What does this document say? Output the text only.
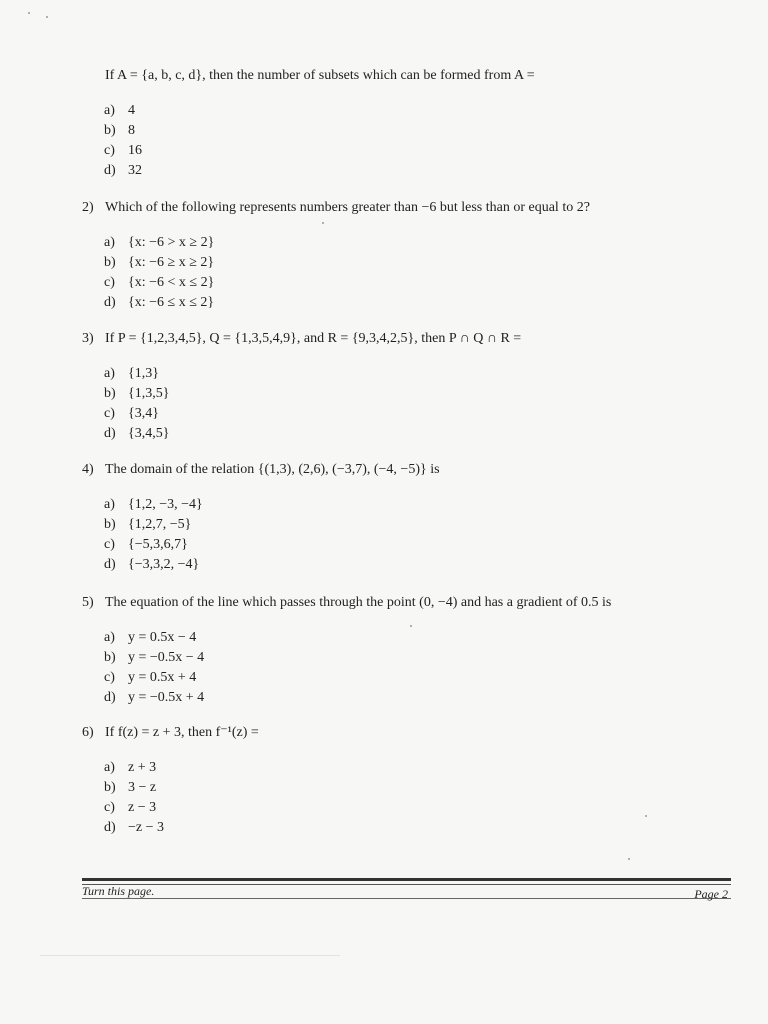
If A = {a, b, c, d}, then the number of subsets which can be formed from A =
a) 4
b) 8
c) 16
d) 32
2) Which of the following represents numbers greater than −6 but less than or equal to 2?
a) {x: −6 > x ≥ 2}
b) {x: −6 ≥ x ≥ 2}
c) {x: −6 < x ≤ 2}
d) {x: −6 ≤ x ≤ 2}
3) If P = {1,2,3,4,5}, Q = {1,3,5,4,9}, and R = {9,3,4,2,5}, then P ∩ Q ∩ R =
a) {1,3}
b) {1,3,5}
c) {3,4}
d) {3,4,5}
4) The domain of the relation {(1,3), (2,6), (−3,7), (−4, −5)} is
a) {1,2, −3, −4}
b) {1,2,7, −5}
c) {−5,3,6,7}
d) {−3,3,2, −4}
5) The equation of the line which passes through the point (0, −4) and has a gradient of 0.5 is
a) y = 0.5x − 4
b) y = −0.5x − 4
c) y = 0.5x + 4
d) y = −0.5x + 4
6) If f(z) = z + 3, then f⁻¹(z) =
a) z + 3
b) 3 − z
c) z − 3
d) −z − 3
Turn this page.	Page 2
